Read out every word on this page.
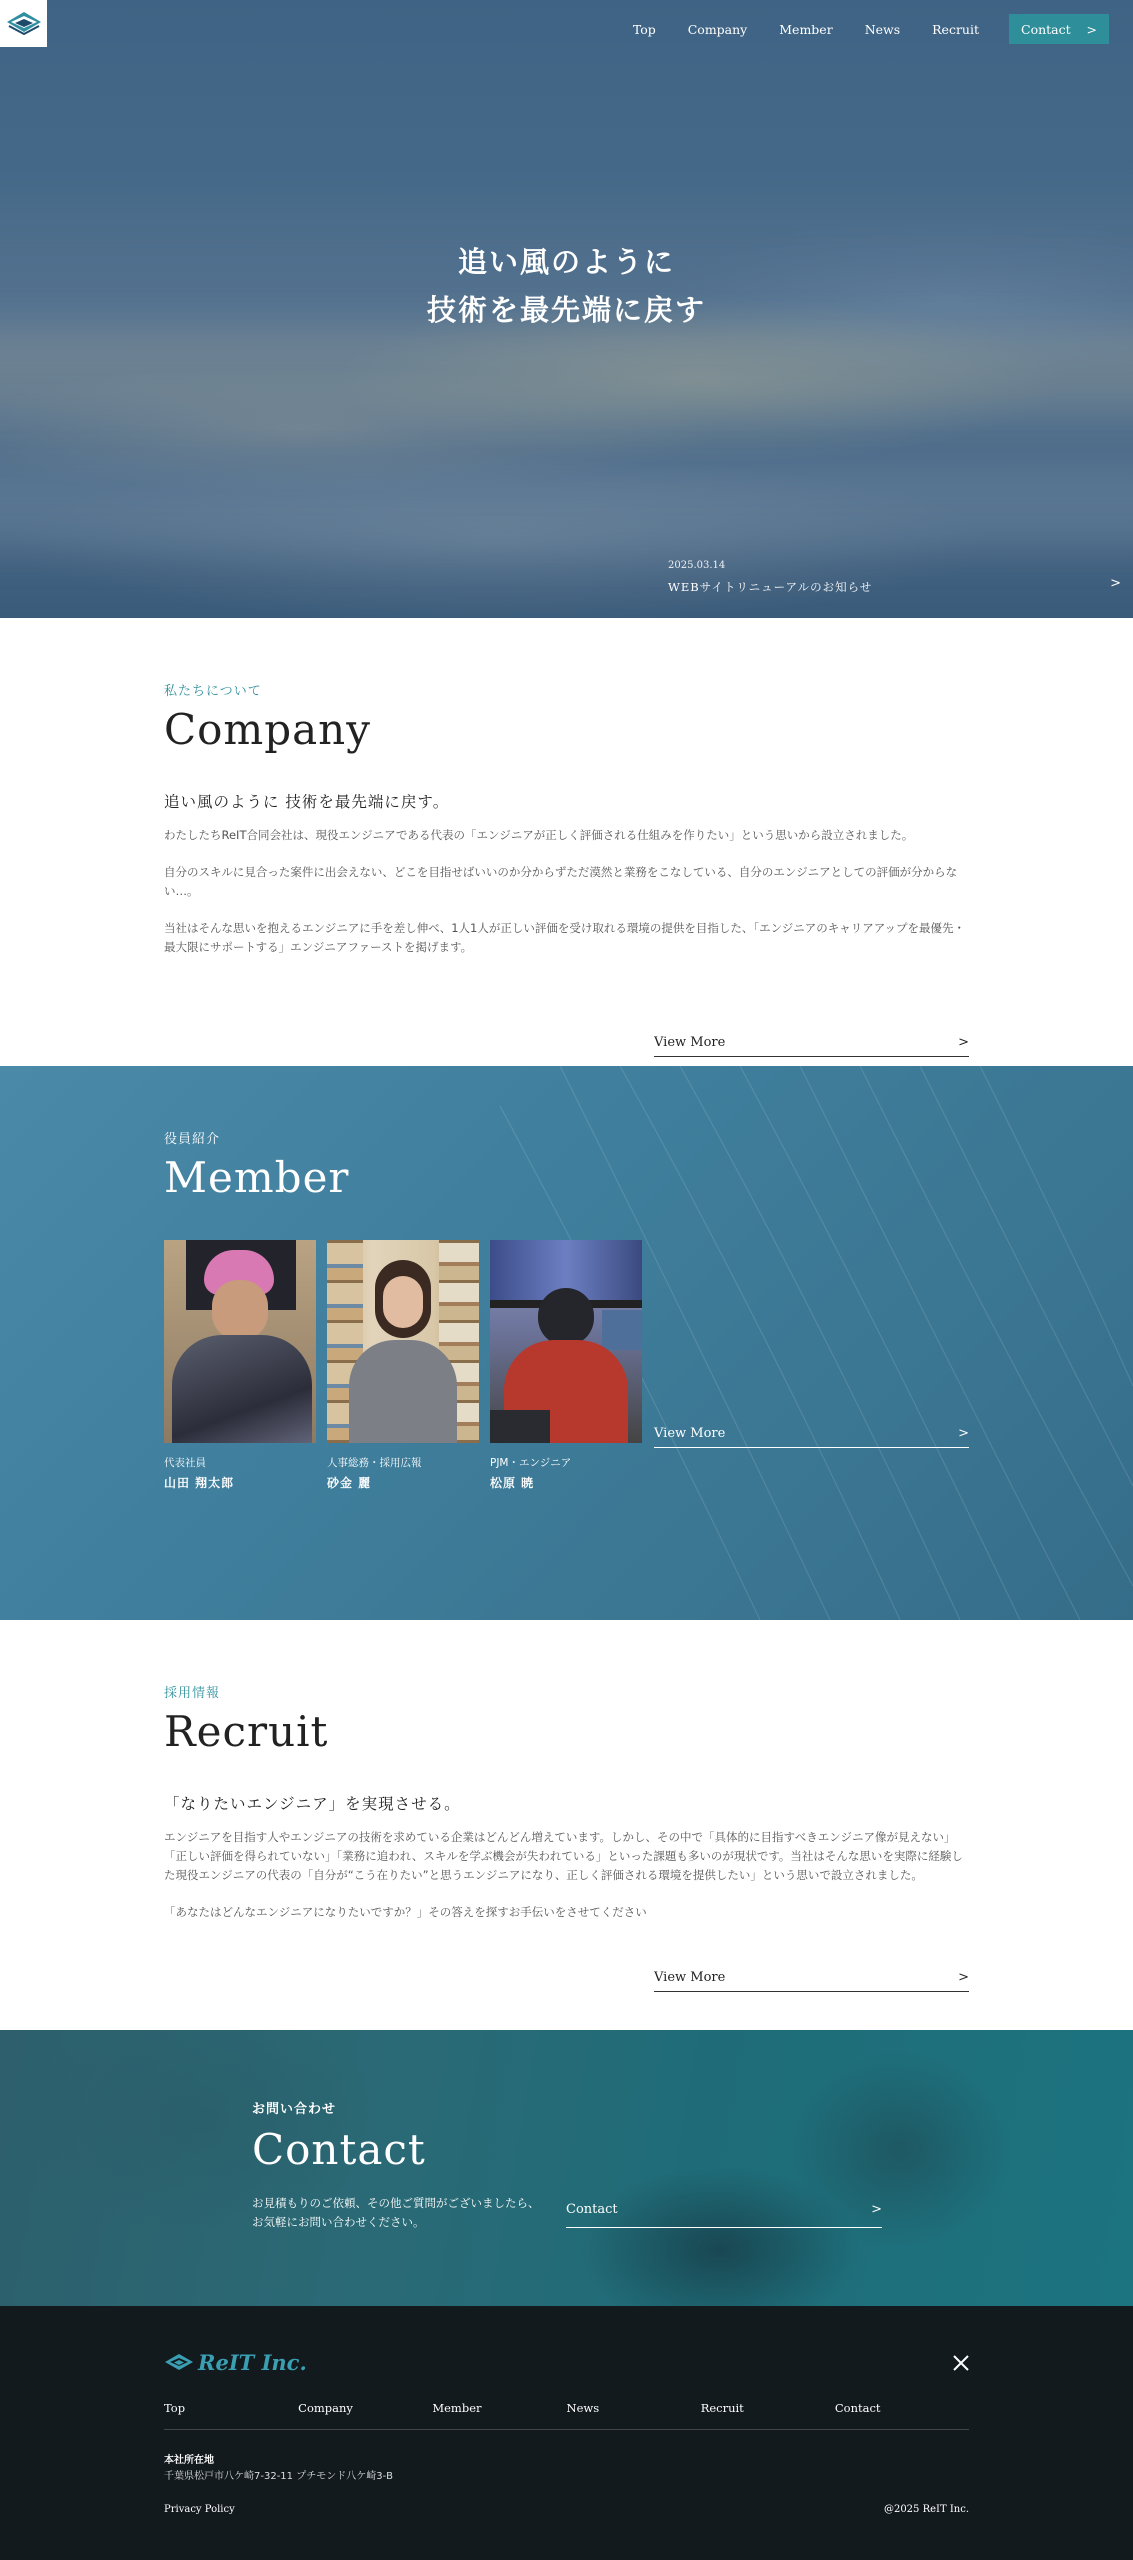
Top	Company	Member	News	Recruit	Contact >
追い風のように
技術を最先端に戻す
2025.03.14
WEBサイトリニューアルのお知らせ	>
私たちについて
Company
追い風のように 技術を最先端に戻す。

わたしたちReIT合同会社は、現役エンジニアである代表の「エンジニアが正しく評価される仕組みを作りたい」という思いから設立されました。

自分のスキルに見合った案件に出会えない、どこを目指せばいいのか分からずただ漠然と業務をこなしている、自分のエンジニアとしての評価が分からない…。

当社はそんな思いを抱えるエンジニアに手を差し伸べ、1人1人が正しい評価を受け取れる環境の提供を目指した、「エンジニアのキャリアアップを最優先・最大限にサポートする」エンジニアファーストを掲げます。

View More	>
役員紹介
Member
代表社員
山田 翔太郎
人事総務・採用広報
砂金 麗
PJM・エンジニア
松原 暁
View More	>
採用情報
Recruit
「なりたいエンジニア」を実現させる。

エンジニアを目指す人やエンジニアの技術を求めている企業はどんどん増えています。しかし、その中で「具体的に目指すべきエンジニア像が見えない」「正しい評価を得られていない」「業務に追われ、スキルを学ぶ機会が失われている」といった課題も多いのが現状です。当社はそんな思いを実際に経験した現役エンジニアの代表の「自分が“こう在りたい”と思うエンジニアになり、正しく評価される環境を提供したい」という思いで設立されました。

「あなたはどんなエンジニアになりたいですか？」その答えを探すお手伝いをさせてください

View More	>
お問い合わせ
Contact

お見積もりのご依頼、その他ご質問がございましたら、
お気軽にお問い合わせください。

Contact	>
ReIT Inc.
Top	Company	Member	News	Recruit	Contact
本社所在地
千葉県松戸市八ケ崎7-32-11 プチモンド八ケ崎3-B
Privacy Policy	@2025 ReIT Inc.
